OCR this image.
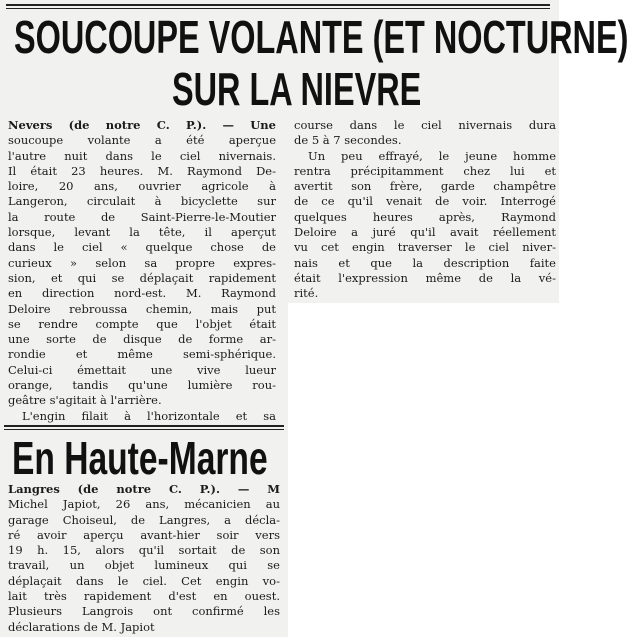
SOUCOUPE VOLANTE (ET NOCTURNE)
SUR LA NIEVRE
Nevers (de notre C. P.). — Une
soucoupe volante a été aperçue
l'autre nuit dans le ciel nivernais.
Il était 23 heures. M. Raymond De-
loire, 20 ans, ouvrier agricole à
Langeron, circulait à bicyclette sur
la route de Saint-Pierre-le-Moutier
lorsque, levant la tête, il aperçut
dans le ciel « quelque chose de
curieux » selon sa propre expres-
sion, et qui se déplaçait rapidement
en direction nord-est. M. Raymond
Deloire rebroussa chemin, mais put
se rendre compte que l'objet était
une sorte de disque de forme ar-
rondie et même semi-sphérique.
Celui-ci émettait une vive lueur
orange, tandis qu'une lumière rou-
geâtre s'agitait à l'arrière.
L'engin filait à l'horizontale et sa
course dans le ciel nivernais dura
de 5 à 7 secondes.
Un peu effrayé, le jeune homme
rentra précipitamment chez lui et
avertit son frère, garde champêtre
de ce qu'il venait de voir. Interrogé
quelques heures après, Raymond
Deloire a juré qu'il avait réellement
vu cet engin traverser le ciel niver-
nais et que la description faite
était l'expression même de la vé-
rité.
En Haute-Marne
Langres (de notre C. P.). — M
Michel Japiot, 26 ans, mécanicien au
garage Choiseul, de Langres, a décla-
ré avoir aperçu avant-hier soir vers
19 h. 15, alors qu'il sortait de son
travail, un objet lumineux qui se
déplaçait dans le ciel. Cet engin vo-
lait très rapidement d'est en ouest.
Plusieurs Langrois ont confirmé les
déclarations de M. Japiot
